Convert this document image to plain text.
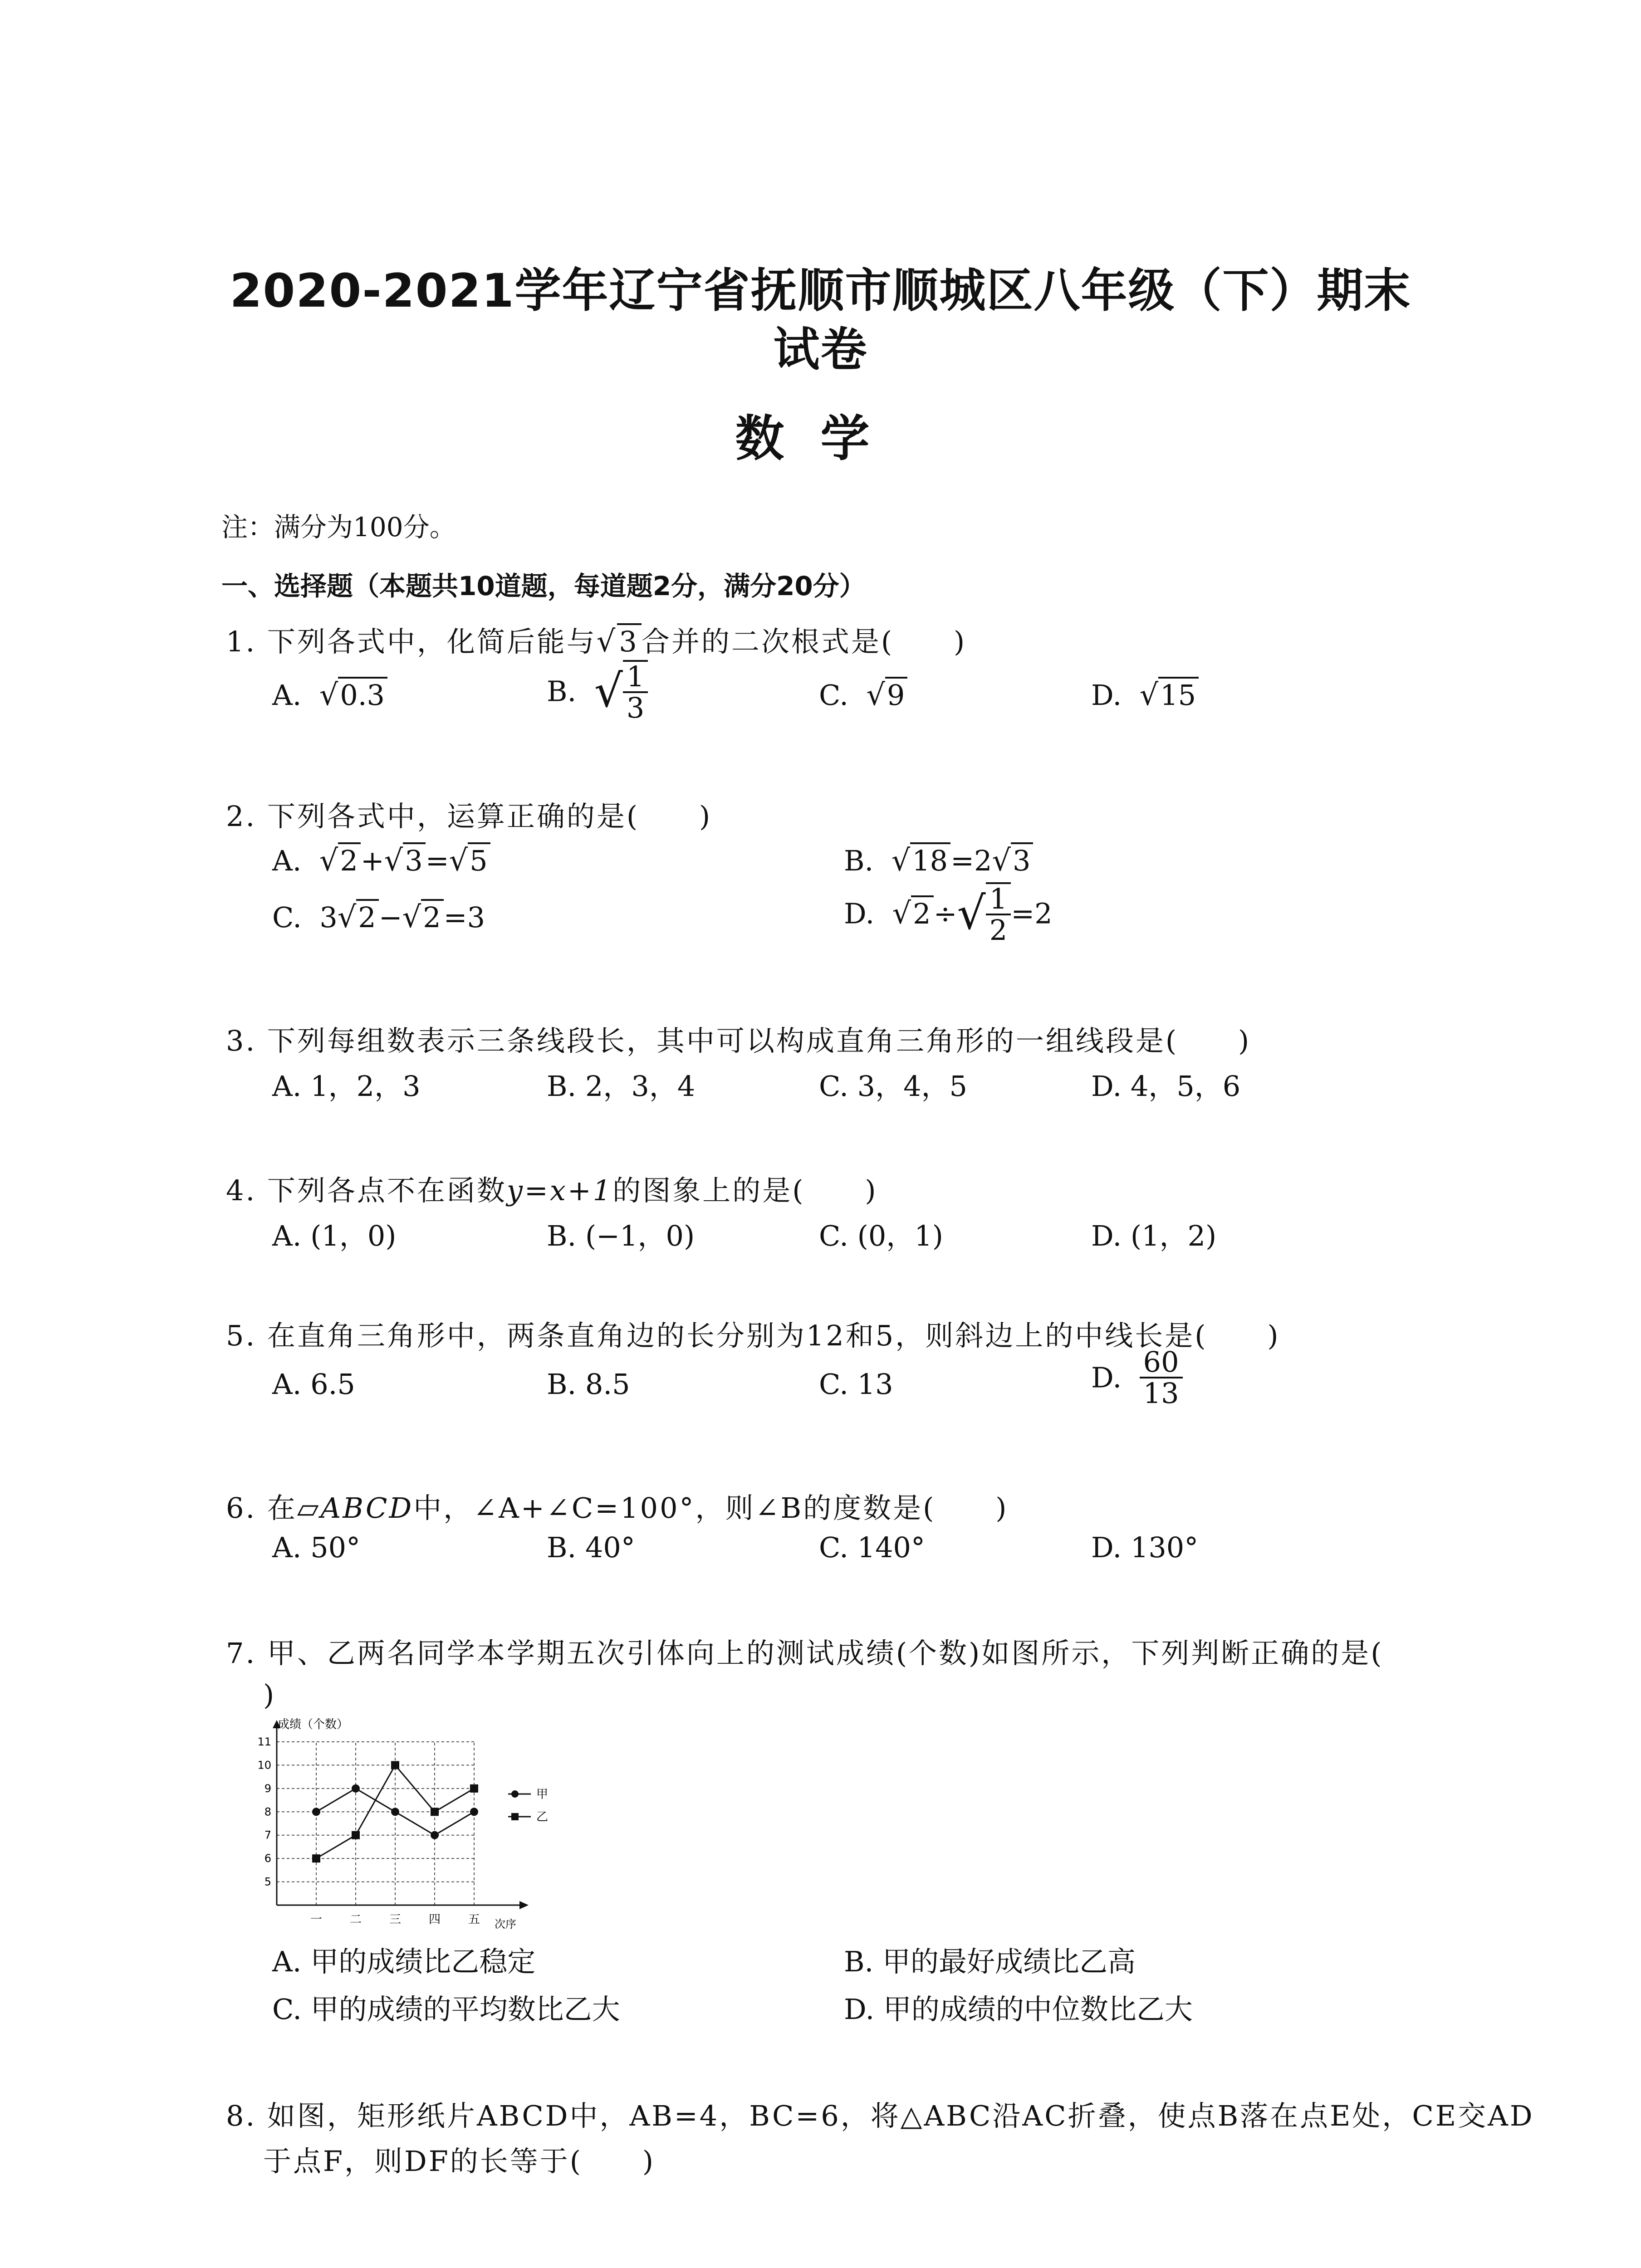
2020-2021学年辽宁省抚顺市顺城区八年级（下）期末
试卷
数学
注：满分为100分。
一、选择题（本题共10道题，每道题2分，满分20分）
1. 下列各式中，化简后能与√3合并的二次根式是(　　)
A. √0.3	B. √ $\frac{1}{3}$	C. √9	D. √15
2. 下列各式中，运算正确的是(　　)
A. √2+√3=√5	B. √18=2√3
C. 3√2−√2=3	D. $√2\div√ \frac{1}{2} =2$
3. 下列每组数表示三条线段长，其中可以构成直角三角形的一组线段是(　　)
A. 1，2，3	B. 2，3，4	C. 3，4，5	D. 4，5，6
4. 下列各点不在函数y=x+1的图象上的是(　　)
A. (1，0)	B. (−1，0)	C. (0，1)	D. (1，2)
5. 在直角三角形中，两条直角边的长分别为12和5，则斜边上的中线长是(　　)
A. 6.5	B. 8.5	C. 13	D. $\frac{60}{13}$
6. 在▱ABCD中，∠A+∠C=100°，则∠B的度数是(　　)
A. 50°	B. 40°	C. 140°	D. 130°
7. 甲、乙两名同学本学期五次引体向上的测试成绩(个数)如图所示，下列判断正确的是(
)
5
6
7
8
9
10
11
一 二 三 四 五
甲
乙
成绩（个数）
次序
A. 甲的成绩比乙稳定	B. 甲的最好成绩比乙高
C. 甲的成绩的平均数比乙大	D. 甲的成绩的中位数比乙大
8. 如图，矩形纸片ABCD中，AB=4，BC=6，将△ABC沿AC折叠，使点B落在点E处，CE交AD
于点F，则DF的长等于(　　)
